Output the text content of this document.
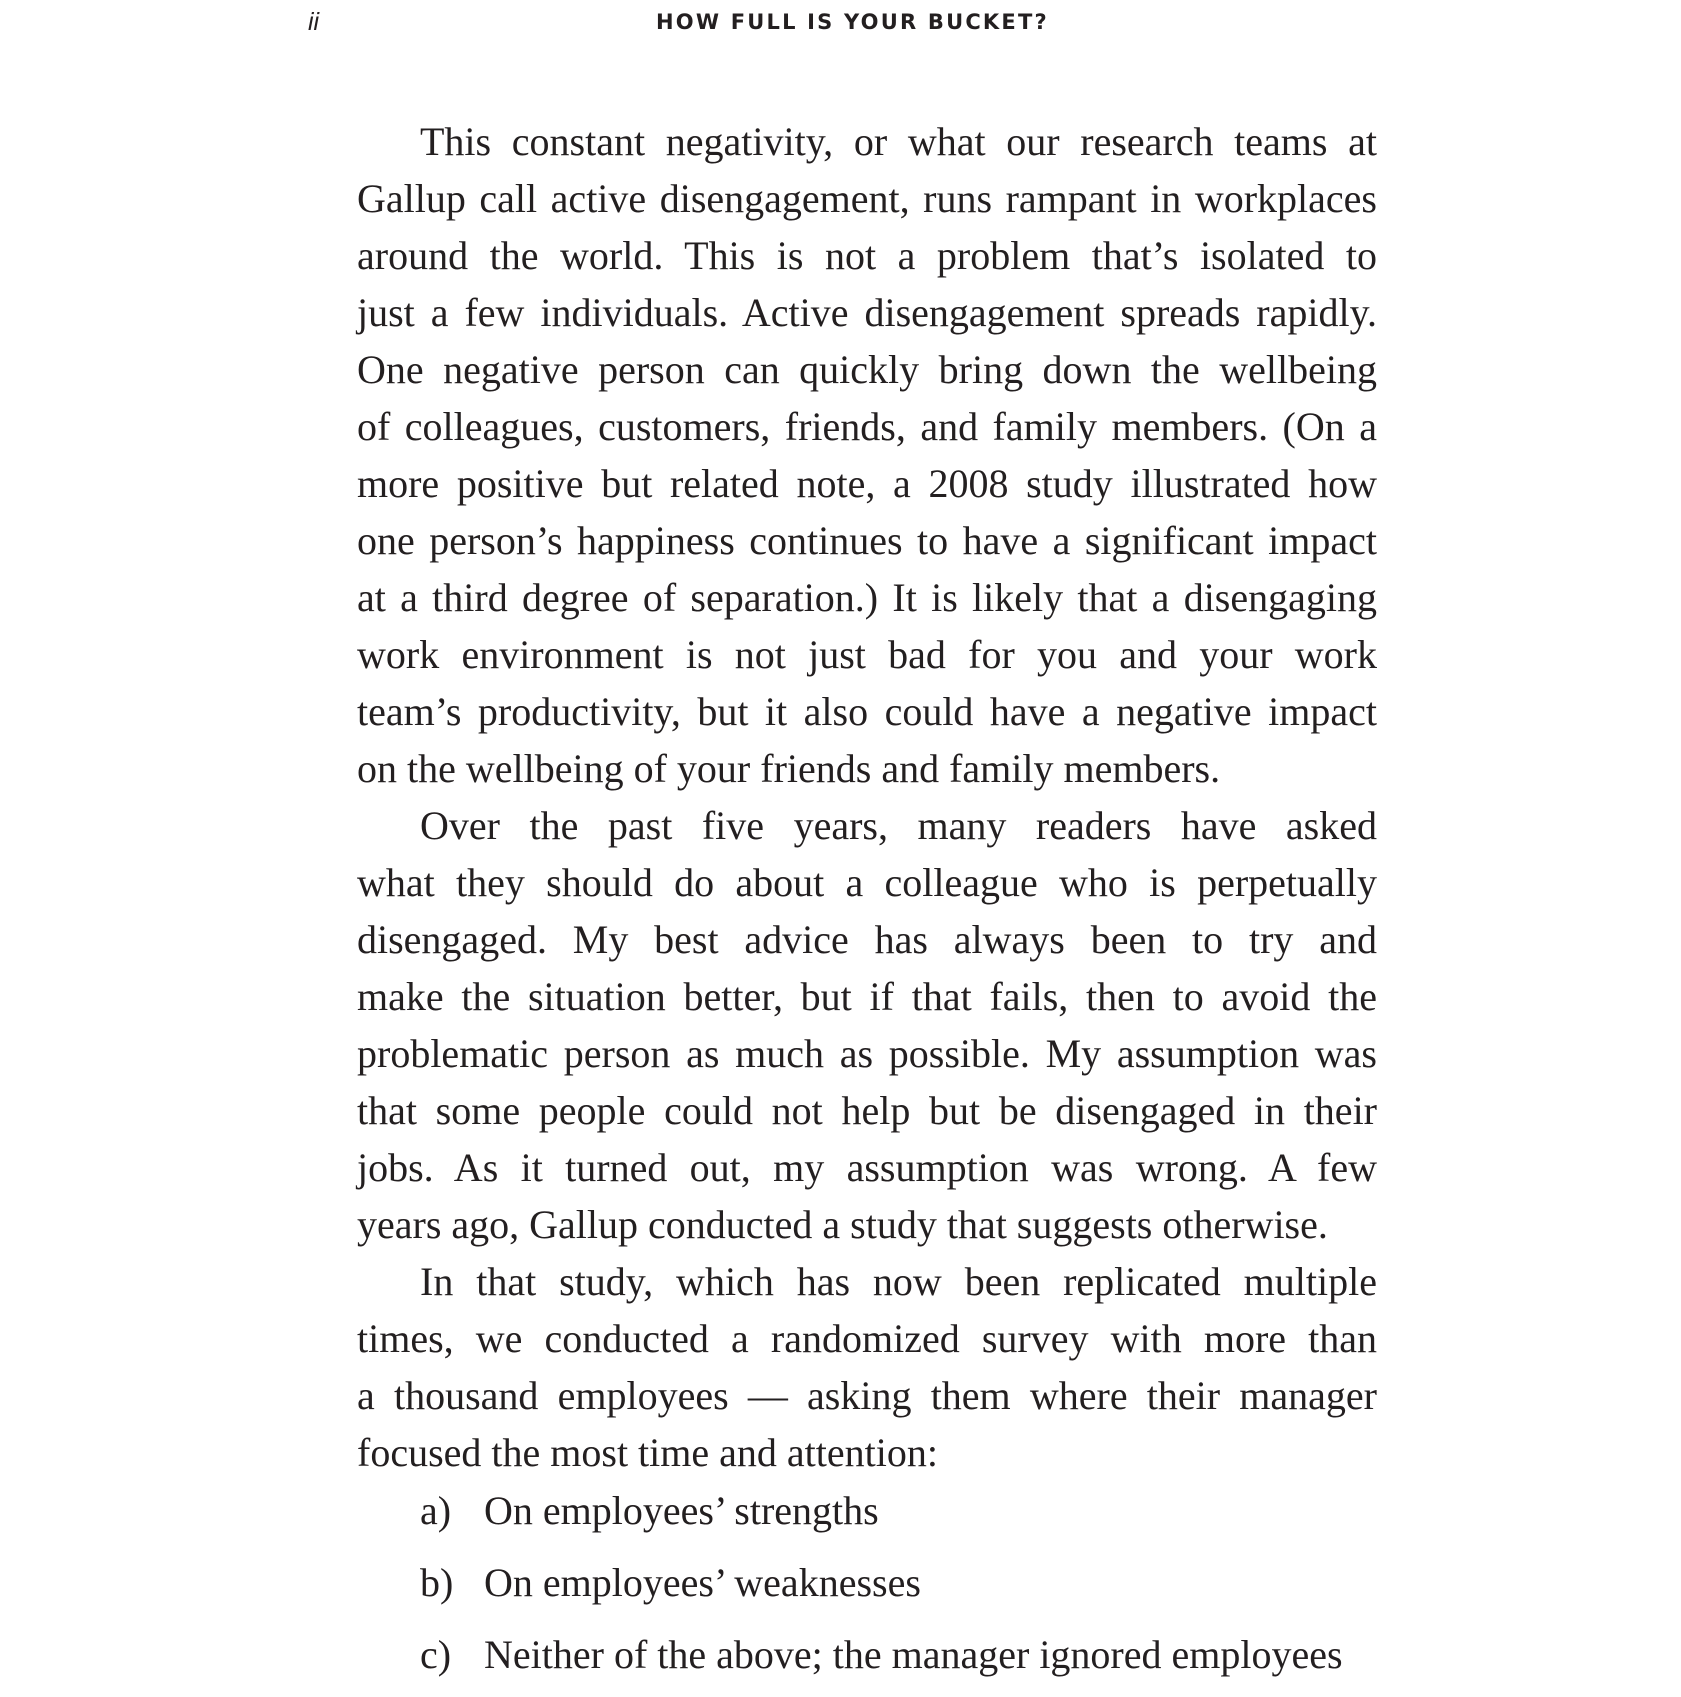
ii	HOW FULL IS YOUR BUCKET?
This constant negativity, or what our research teams at
Gallup call active disengagement, runs rampant in workplaces
around the world. This is not a problem that’s isolated to
just a few individuals. Active disengagement spreads rapidly.
One negative person can quickly bring down the wellbeing
of colleagues, customers, friends, and family members. (On a
more positive but related note, a 2008 study illustrated how
one person’s happiness continues to have a significant impact
at a third degree of separation.) It is likely that a disengaging
work environment is not just bad for you and your work
team’s productivity, but it also could have a negative impact
on the wellbeing of your friends and family members.
Over the past five years, many readers have asked
what they should do about a colleague who is perpetually
disengaged. My best advice has always been to try and
make the situation better, but if that fails, then to avoid the
problematic person as much as possible. My assumption was
that some people could not help but be disengaged in their
jobs. As it turned out, my assumption was wrong. A few
years ago, Gallup conducted a study that suggests otherwise.
In that study, which has now been replicated multiple
times, we conducted a randomized survey with more than
a thousand employees — asking them where their manager
focused the most time and attention:
a) On employees’ strengths
b) On employees’ weaknesses
c) Neither of the above; the manager ignored employees
